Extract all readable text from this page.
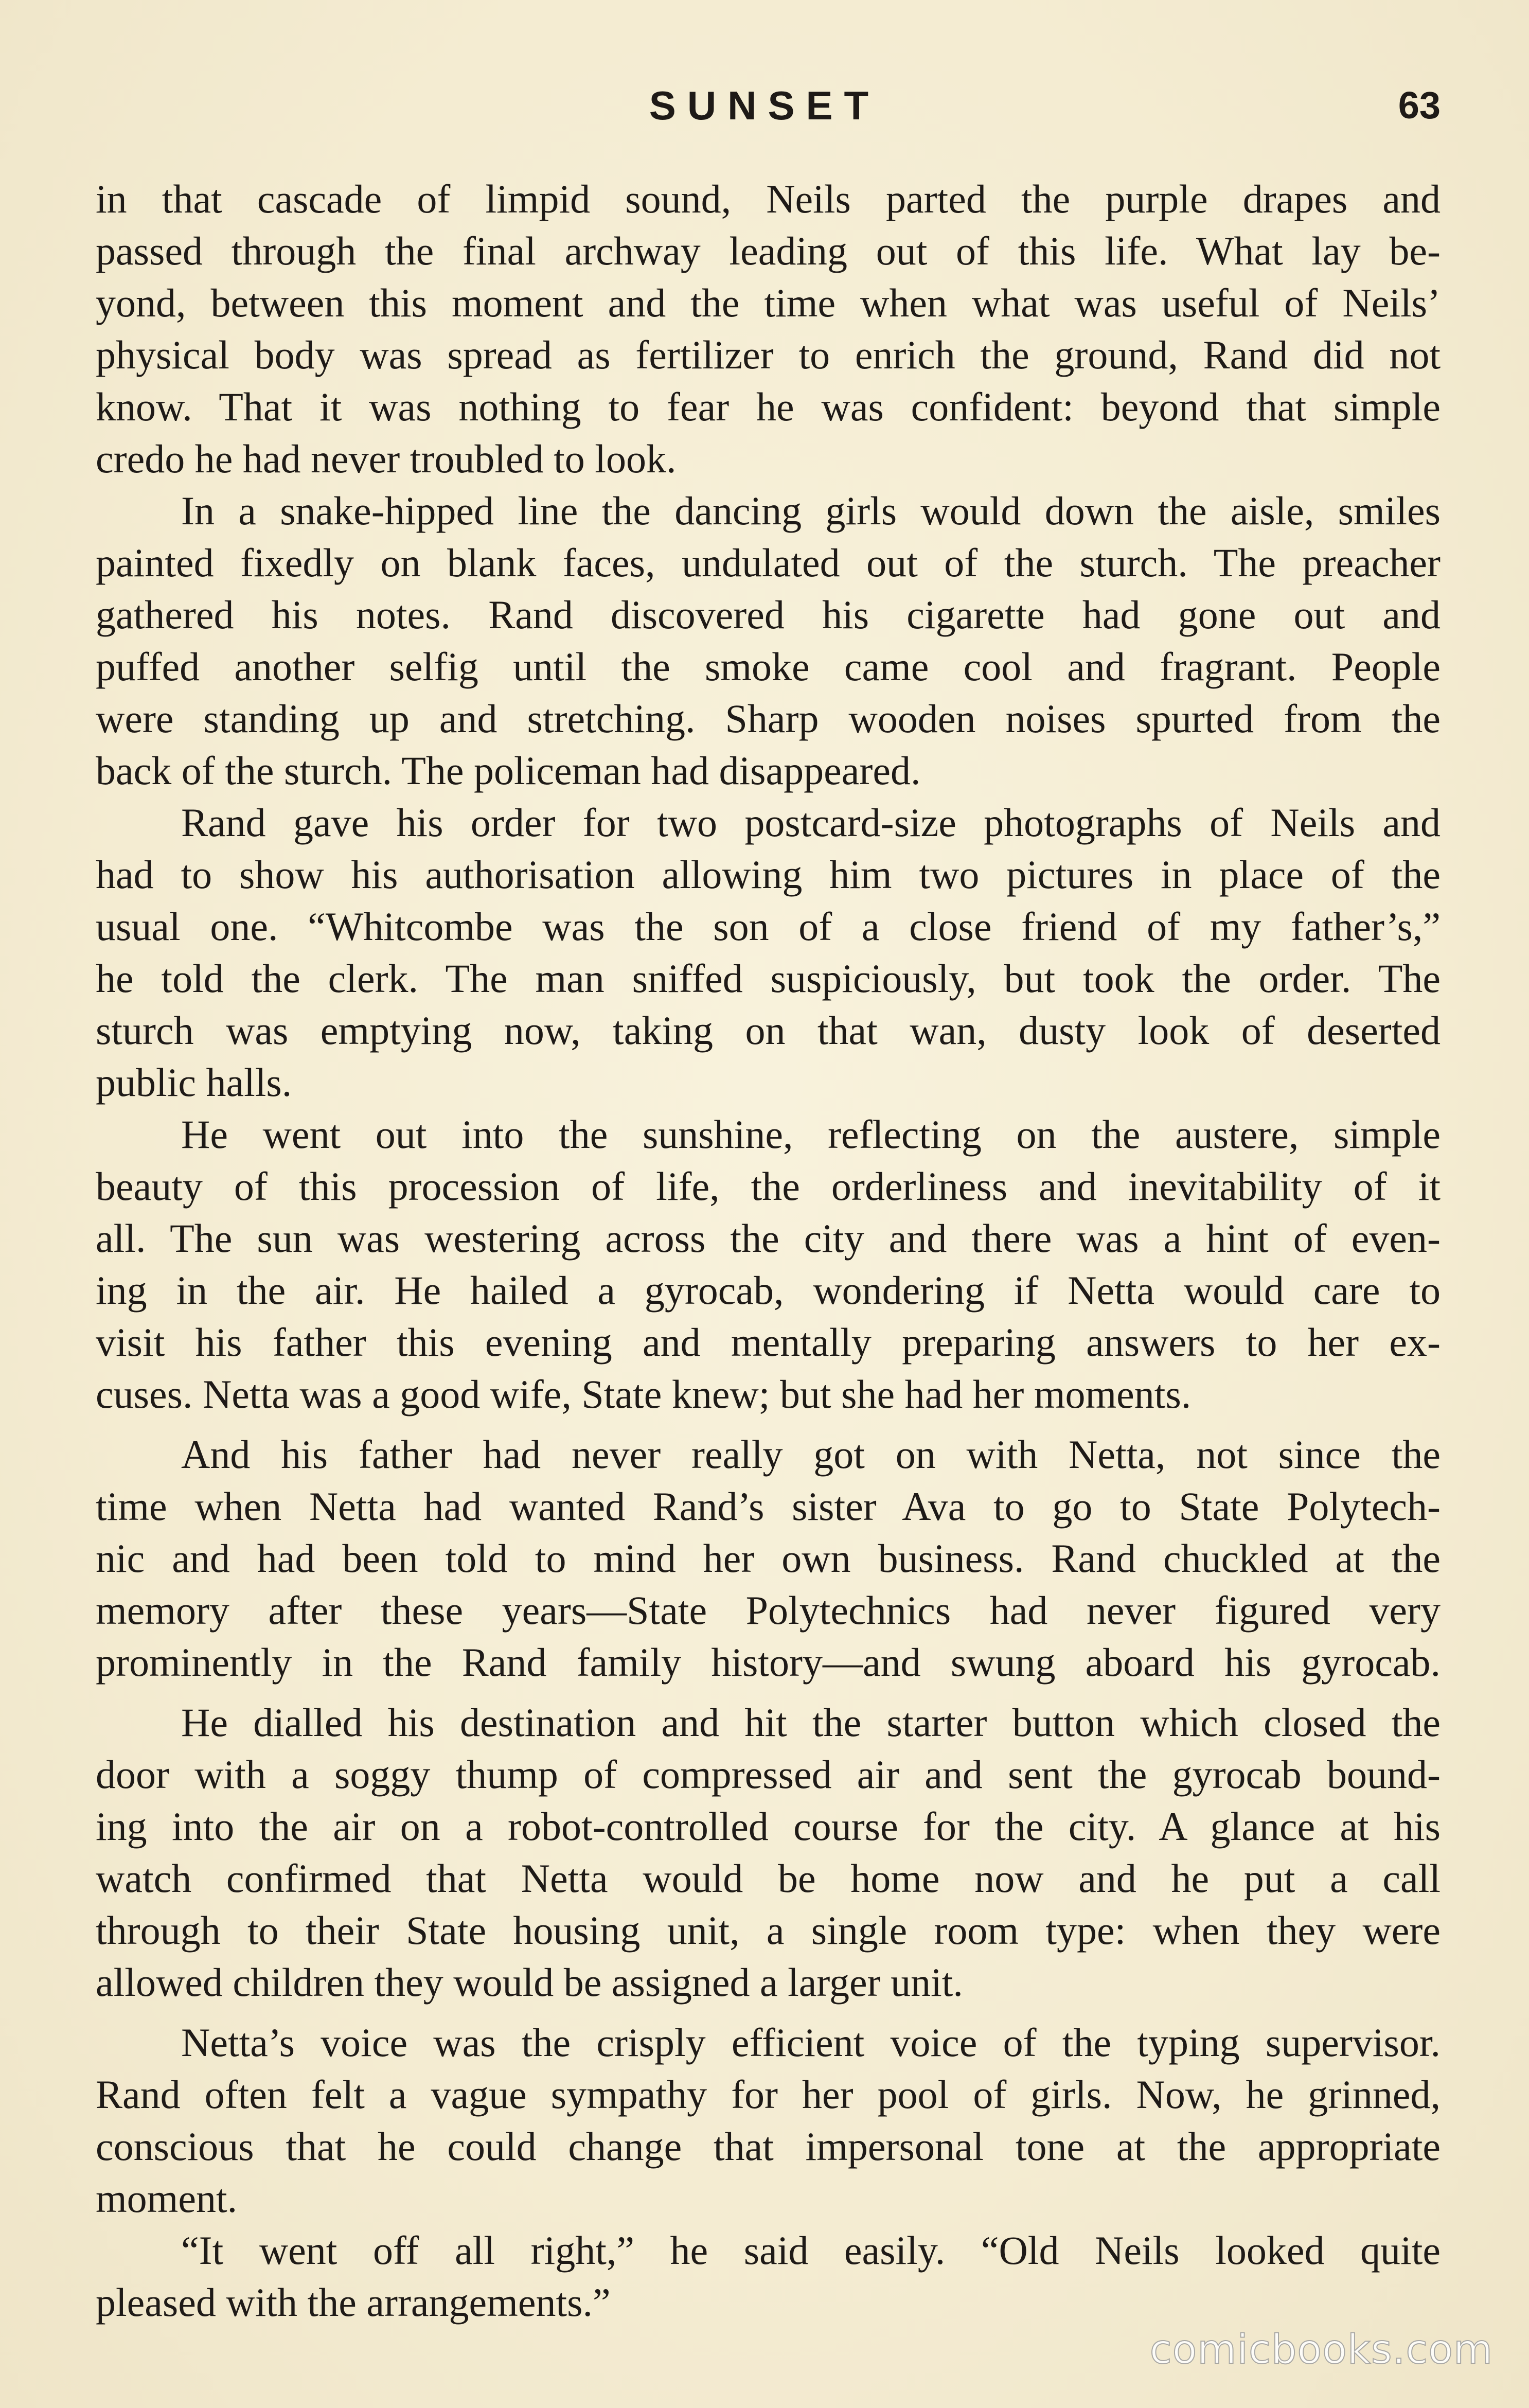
SUNSET	63

in that cascade of limpid sound, Neils parted the purple drapes and
passed through the final archway leading out of this life. What lay be-
yond, between this moment and the time when what was useful of Neils’
physical body was spread as fertilizer to enrich the ground, Rand did not
know. That it was nothing to fear he was confident: beyond that simple
credo he had never troubled to look.

In a snake-hipped line the dancing girls would down the aisle, smiles
painted fixedly on blank faces, undulated out of the sturch. The preacher
gathered his notes. Rand discovered his cigarette had gone out and
puffed another selfig until the smoke came cool and fragrant. People
were standing up and stretching. Sharp wooden noises spurted from the
back of the sturch. The policeman had disappeared.

Rand gave his order for two postcard-size photographs of Neils and
had to show his authorisation allowing him two pictures in place of the
usual one. “Whitcombe was the son of a close friend of my father’s,”
he told the clerk. The man sniffed suspiciously, but took the order. The
sturch was emptying now, taking on that wan, dusty look of deserted
public halls.

He went out into the sunshine, reflecting on the austere, simple
beauty of this procession of life, the orderliness and inevitability of it
all. The sun was westering across the city and there was a hint of even-
ing in the air. He hailed a gyrocab, wondering if Netta would care to
visit his father this evening and mentally preparing answers to her ex-
cuses. Netta was a good wife, State knew; but she had her moments.

And his father had never really got on with Netta, not since the
time when Netta had wanted Rand’s sister Ava to go to State Polytech-
nic and had been told to mind her own business. Rand chuckled at the
memory after these years—State Polytechnics had never figured very
prominently in the Rand family history—and swung aboard his gyrocab.

He dialled his destination and hit the starter button which closed the
door with a soggy thump of compressed air and sent the gyrocab bound-
ing into the air on a robot-controlled course for the city. A glance at his
watch confirmed that Netta would be home now and he put a call
through to their State housing unit, a single room type: when they were
allowed children they would be assigned a larger unit.

Netta’s voice was the crisply efficient voice of the typing supervisor.
Rand often felt a vague sympathy for her pool of girls. Now, he grinned,
conscious that he could change that impersonal tone at the appropriate
moment.

“It went off all right,” he said easily. “Old Neils looked quite
pleased with the arrangements.”

comicbooks.com
